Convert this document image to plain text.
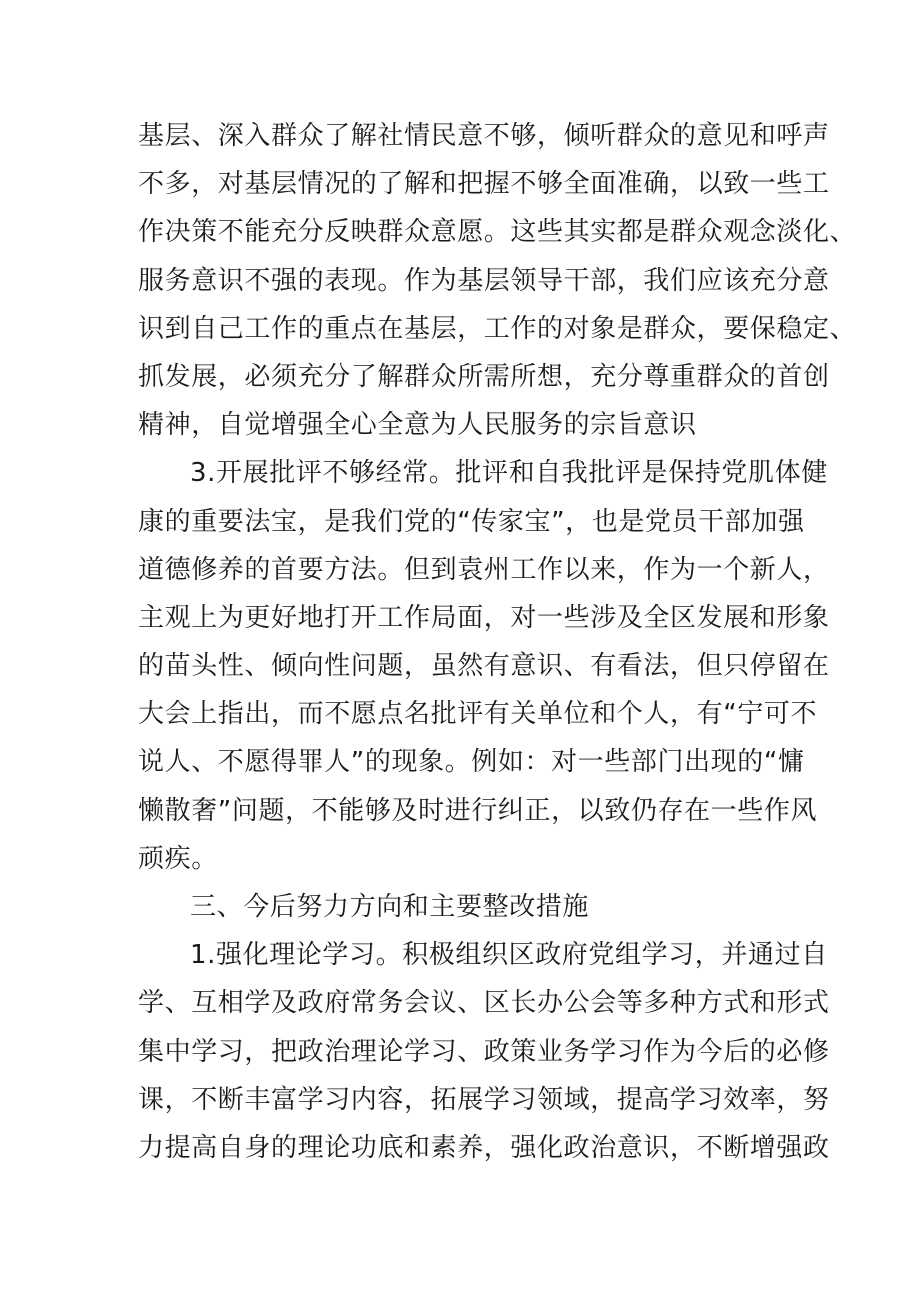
基层、深入群众了解社情民意不够，倾听群众的意见和呼声
不多，对基层情况的了解和把握不够全面准确，以致一些工
作决策不能充分反映群众意愿。这些其实都是群众观念淡化、
服务意识不强的表现。作为基层领导干部，我们应该充分意
识到自己工作的重点在基层，工作的对象是群众，要保稳定、
抓发展，必须充分了解群众所需所想，充分尊重群众的首创
精神，自觉增强全心全意为人民服务的宗旨意识
3.开展批评不够经常。批评和自我批评是保持党肌体健
康的重要法宝，是我们党的“传家宝”，也是党员干部加强
道德修养的首要方法。但到袁州工作以来，作为一个新人，
主观上为更好地打开工作局面，对一些涉及全区发展和形象
的苗头性、倾向性问题，虽然有意识、有看法，但只停留在
大会上指出，而不愿点名批评有关单位和个人，有“宁可不
说人、不愿得罪人”的现象。例如：对一些部门出现的“慵
懒散奢”问题，不能够及时进行纠正，以致仍存在一些作风
顽疾。
三、今后努力方向和主要整改措施
1.强化理论学习。积极组织区政府党组学习，并通过自
学、互相学及政府常务会议、区长办公会等多种方式和形式
集中学习，把政治理论学习、政策业务学习作为今后的必修
课，不断丰富学习内容，拓展学习领域，提高学习效率，努
力提高自身的理论功底和素养，强化政治意识，不断增强政
